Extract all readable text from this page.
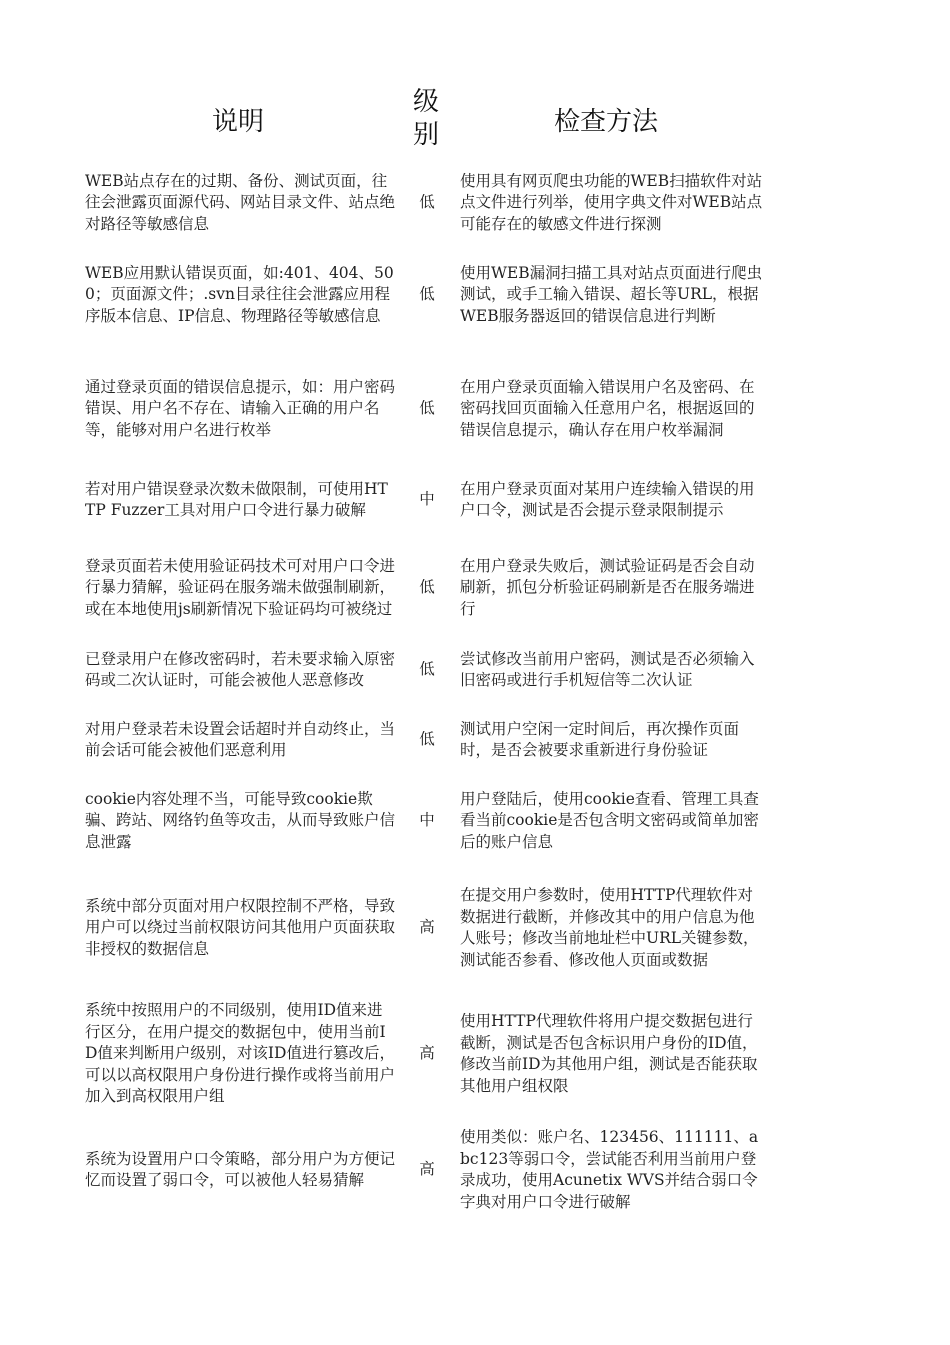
说明
级别	检查方法
WEB站点存在的过期、备份、测试页面，往往会泄露页面源代码、网站目录文件、站点绝对路径等敏感信息
低
使用具有网页爬虫功能的WEB扫描软件对站点文件进行列举，使用字典文件对WEB站点可能存在的敏感文件进行探测
WEB应用默认错误页面，如:401、404、500；页面源文件；.svn目录往往会泄露应用程序版本信息、IP信息、物理路径等敏感信息
低
使用WEB漏洞扫描工具对站点页面进行爬虫测试，或手工输入错误、超长等URL，根据WEB服务器返回的错误信息进行判断
通过登录页面的错误信息提示，如：用户密码错误、用户名不存在、请输入正确的用户名等，能够对用户名进行枚举
低
在用户登录页面输入错误用户名及密码、在密码找回页面输入任意用户名，根据返回的错误信息提示，确认存在用户枚举漏洞
若对用户错误登录次数未做限制，可使用HTTP Fuzzer工具对用户口令进行暴力破解
中
在用户登录页面对某用户连续输入错误的用户口令，测试是否会提示登录限制提示
登录页面若未使用验证码技术可对用户口令进行暴力猜解，验证码在服务端未做强制刷新，或在本地使用js刷新情况下验证码均可被绕过
低
在用户登录失败后，测试验证码是否会自动刷新，抓包分析验证码刷新是否在服务端进行
已登录用户在修改密码时，若未要求输入原密码或二次认证时，可能会被他人恶意修改
低
尝试修改当前用户密码，测试是否必须输入旧密码或进行手机短信等二次认证
对用户登录若未设置会话超时并自动终止，当前会话可能会被他们恶意利用
低
测试用户空闲一定时间后，再次操作页面时，是否会被要求重新进行身份验证
cookie内容处理不当，可能导致cookie欺骗、跨站、网络钓鱼等攻击，从而导致账户信息泄露
中
用户登陆后，使用cookie查看、管理工具查看当前cookie是否包含明文密码或简单加密后的账户信息
系统中部分页面对用户权限控制不严格，导致用户可以绕过当前权限访问其他用户页面获取非授权的数据信息
高
在提交用户参数时，使用HTTP代理软件对数据进行截断，并修改其中的用户信息为他人账号；修改当前地址栏中URL关键参数，测试能否参看、修改他人页面或数据
系统中按照用户的不同级别，使用ID值来进行区分，在用户提交的数据包中，使用当前ID值来判断用户级别，对该ID值进行篡改后，可以以高权限用户身份进行操作或将当前用户加入到高权限用户组
高
使用HTTP代理软件将用户提交数据包进行截断，测试是否包含标识用户身份的ID值，修改当前ID为其他用户组，测试是否能获取其他用户组权限
系统为设置用户口令策略，部分用户为方便记忆而设置了弱口令，可以被他人轻易猜解
高
使用类似：账户名、123456、111111、abc123等弱口令，尝试能否利用当前用户登录成功，使用Acunetix WVS并结合弱口令字典对用户口令进行破解
